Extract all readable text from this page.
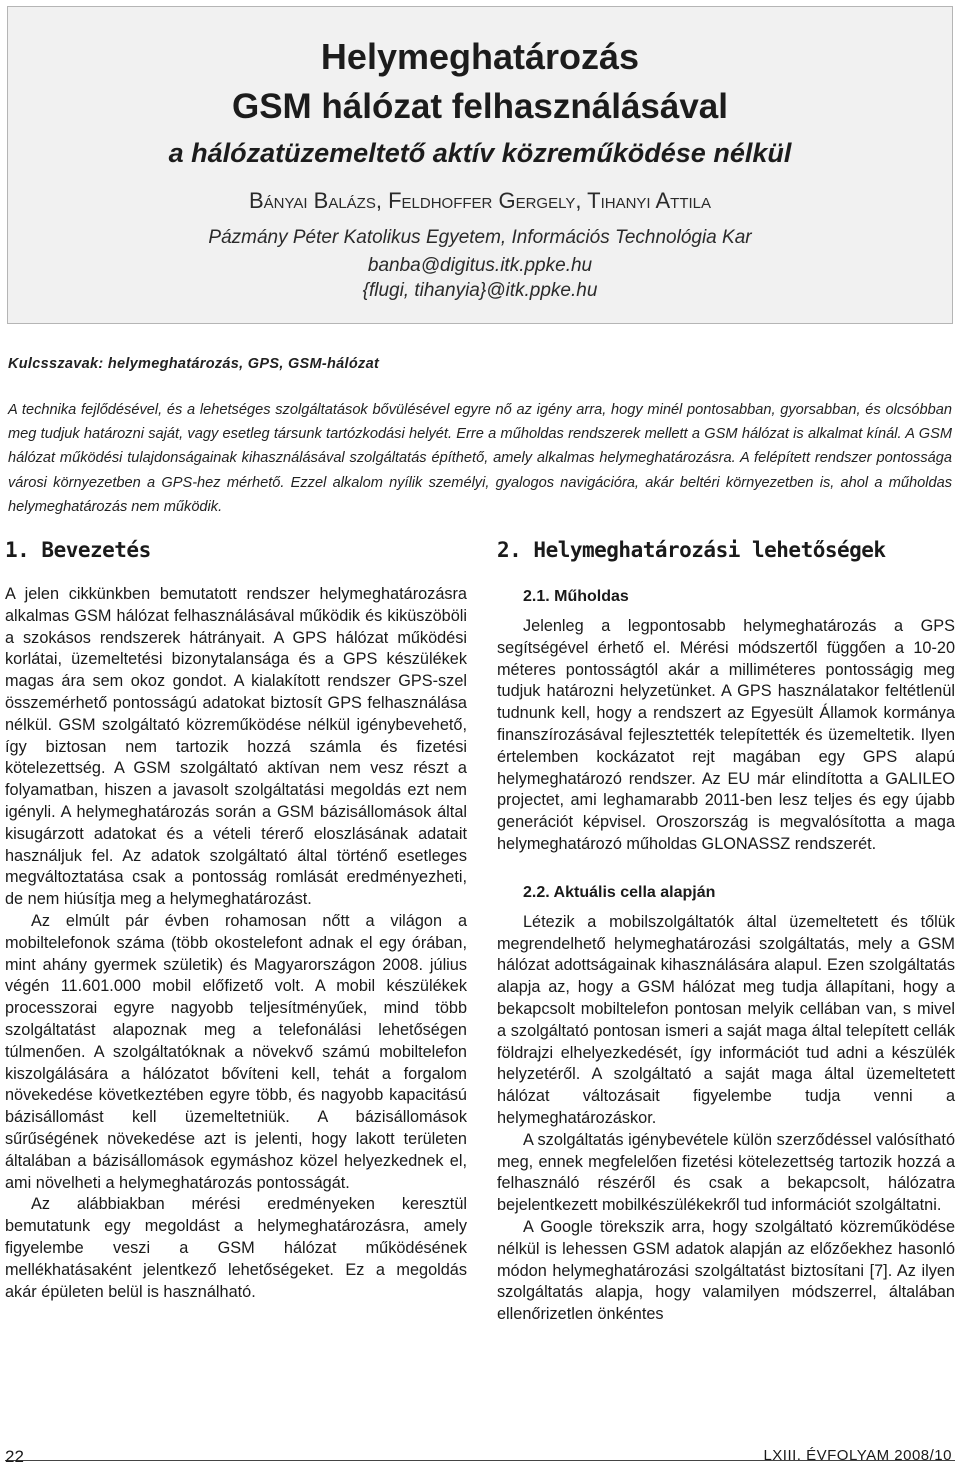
Helymeghatározás
GSM hálózat felhasználásával
a hálózatüzemeltető aktív közreműködése nélkül
Bányai Balázs, Feldhoffer Gergely, Tihanyi Attila
Pázmány Péter Katolikus Egyetem, Információs Technológia Kar
banba@digitus.itk.ppke.hu
{flugi, tihanyia}@itk.ppke.hu
Kulcsszavak: helymeghatározás, GPS, GSM-hálózat

A technika fejlődésével, és a lehetséges szolgáltatások bővülésével egyre nő az igény arra, hogy minél pontosabban, gyorsabban, és olcsóbban meg tudjuk határozni saját, vagy esetleg társunk tartózkodási helyét. Erre a műholdas rendszerek mellett a GSM hálózat is alkalmat kínál. A GSM hálózat működési tulajdonságainak kihasználásával szolgáltatás építhető, amely alkalmas helymeghatározásra. A felépített rendszer pontossága városi környezetben a GPS-hez mérhető. Ezzel alkalom nyílik személyi, gyalogos navigációra, akár beltéri környezetben is, ahol a műholdas helymeghatározás nem működik.

1. Bevezetés

A jelen cikkünkben bemutatott rendszer helymeghatározásra alkalmas GSM hálózat felhasználásával működik és kiküszöböli a szokásos rendszerek hátrányait. A GPS hálózat működési korlátai, üzemeltetési bizonytalansága és a GPS készülékek magas ára sem okoz gondot. A kialakított rendszer GPS-szel összemérhető pontosságú adatokat biztosít GPS felhasználása nélkül. GSM szolgáltató közreműködése nélkül igénybevehető, így biztosan nem tartozik hozzá számla és fizetési kötelezettség. A GSM szolgáltató aktívan nem vesz részt a folyamatban, hiszen a javasolt szolgáltatási megoldás ezt nem igényli. A helymeghatározás során a GSM bázisállomások által kisugárzott adatokat és a vételi térerő eloszlásának adatait használjuk fel. Az adatok szolgáltató által történő esetleges megváltoztatása csak a pontosság romlását eredményezheti, de nem hiúsítja meg a helymeghatározást.

Az elmúlt pár évben rohamosan nőtt a világon a mobiltelefonok száma (több okostelefont adnak el egy órában, mint ahány gyermek születik) és Magyarországon 2008. július végén 11.601.000 mobil előfizető volt. A mobil készülékek processzorai egyre nagyobb teljesítményűek, mind több szolgáltatást alapoznak meg a telefonálási lehetőségen túlmenően. A szolgáltatóknak a növekvő számú mobiltelefon kiszolgálására a hálózatot bővíteni kell, tehát a forgalom növekedése következtében egyre több, és nagyobb kapacitású bázisállomást kell üzemeltetniük. A bázisállomások sűrűségének növekedése azt is jelenti, hogy lakott területen általában a bázisállomások egymáshoz közel helyezkednek el, ami növelheti a helymeghatározás pontosságát.

Az alábbiakban mérési eredményeken keresztül bemutatunk egy megoldást a helymeghatározásra, amely figyelembe veszi a GSM hálózat működésének mellékhatásaként jelentkező lehetőségeket. Ez a megoldás akár épületen belül is használható.

2. Helymeghatározási lehetőségek
2.1. Műholdas

Jelenleg a legpontosabb helymeghatározás a GPS segítségével érhető el. Mérési módszertől függően a 10-20 méteres pontosságtól akár a milliméteres pontosságig meg tudjuk határozni helyzetünket. A GPS használatakor feltétlenül tudnunk kell, hogy a rendszert az Egyesült Államok kormánya finanszírozásával fejlesztették telepítették és üzemeltetik. Ilyen értelemben kockázatot rejt magában egy GPS alapú helymeghatározó rendszer. Az EU már elindította a GALILEO projectet, ami leghamarabb 2011-ben lesz teljes és egy újabb generációt képvisel. Oroszország is megvalósította a maga helymeghatározó műholdas GLONASSZ rendszerét.

2.2. Aktuális cella alapján

Létezik a mobilszolgáltatók által üzemeltetett és tőlük megrendelhető helymeghatározási szolgáltatás, mely a GSM hálózat adottságainak kihasználására alapul. Ezen szolgáltatás alapja az, hogy a GSM hálózat meg tudja állapítani, hogy a bekapcsolt mobiltelefon pontosan melyik cellában van, s mivel a szolgáltató pontosan ismeri a saját maga által telepített cellák földrajzi elhelyezkedését, így információt tud adni a készülék helyzetéről. A szolgáltató a saját maga által üzemeltetett hálózat változásait figyelembe tudja venni a helymeghatározáskor.

A szolgáltatás igénybevétele külön szerződéssel valósítható meg, ennek megfelelően fizetési kötelezettség tartozik hozzá a felhasználó részéről és csak a bekapcsolt, hálózatra bejelentkezett mobilkészülékekről tud információt szolgáltatni.

A Google törekszik arra, hogy szolgáltató közreműködése nélkül is lehessen GSM adatok alapján az előzőekhez hasonló módon helymeghatározási szolgáltatást biztosítani [7]. Az ilyen szolgáltatás alapja, hogy valamilyen módszerrel, általában ellenőrizetlen önkéntes

22	LXIII. ÉVFOLYAM 2008/10
